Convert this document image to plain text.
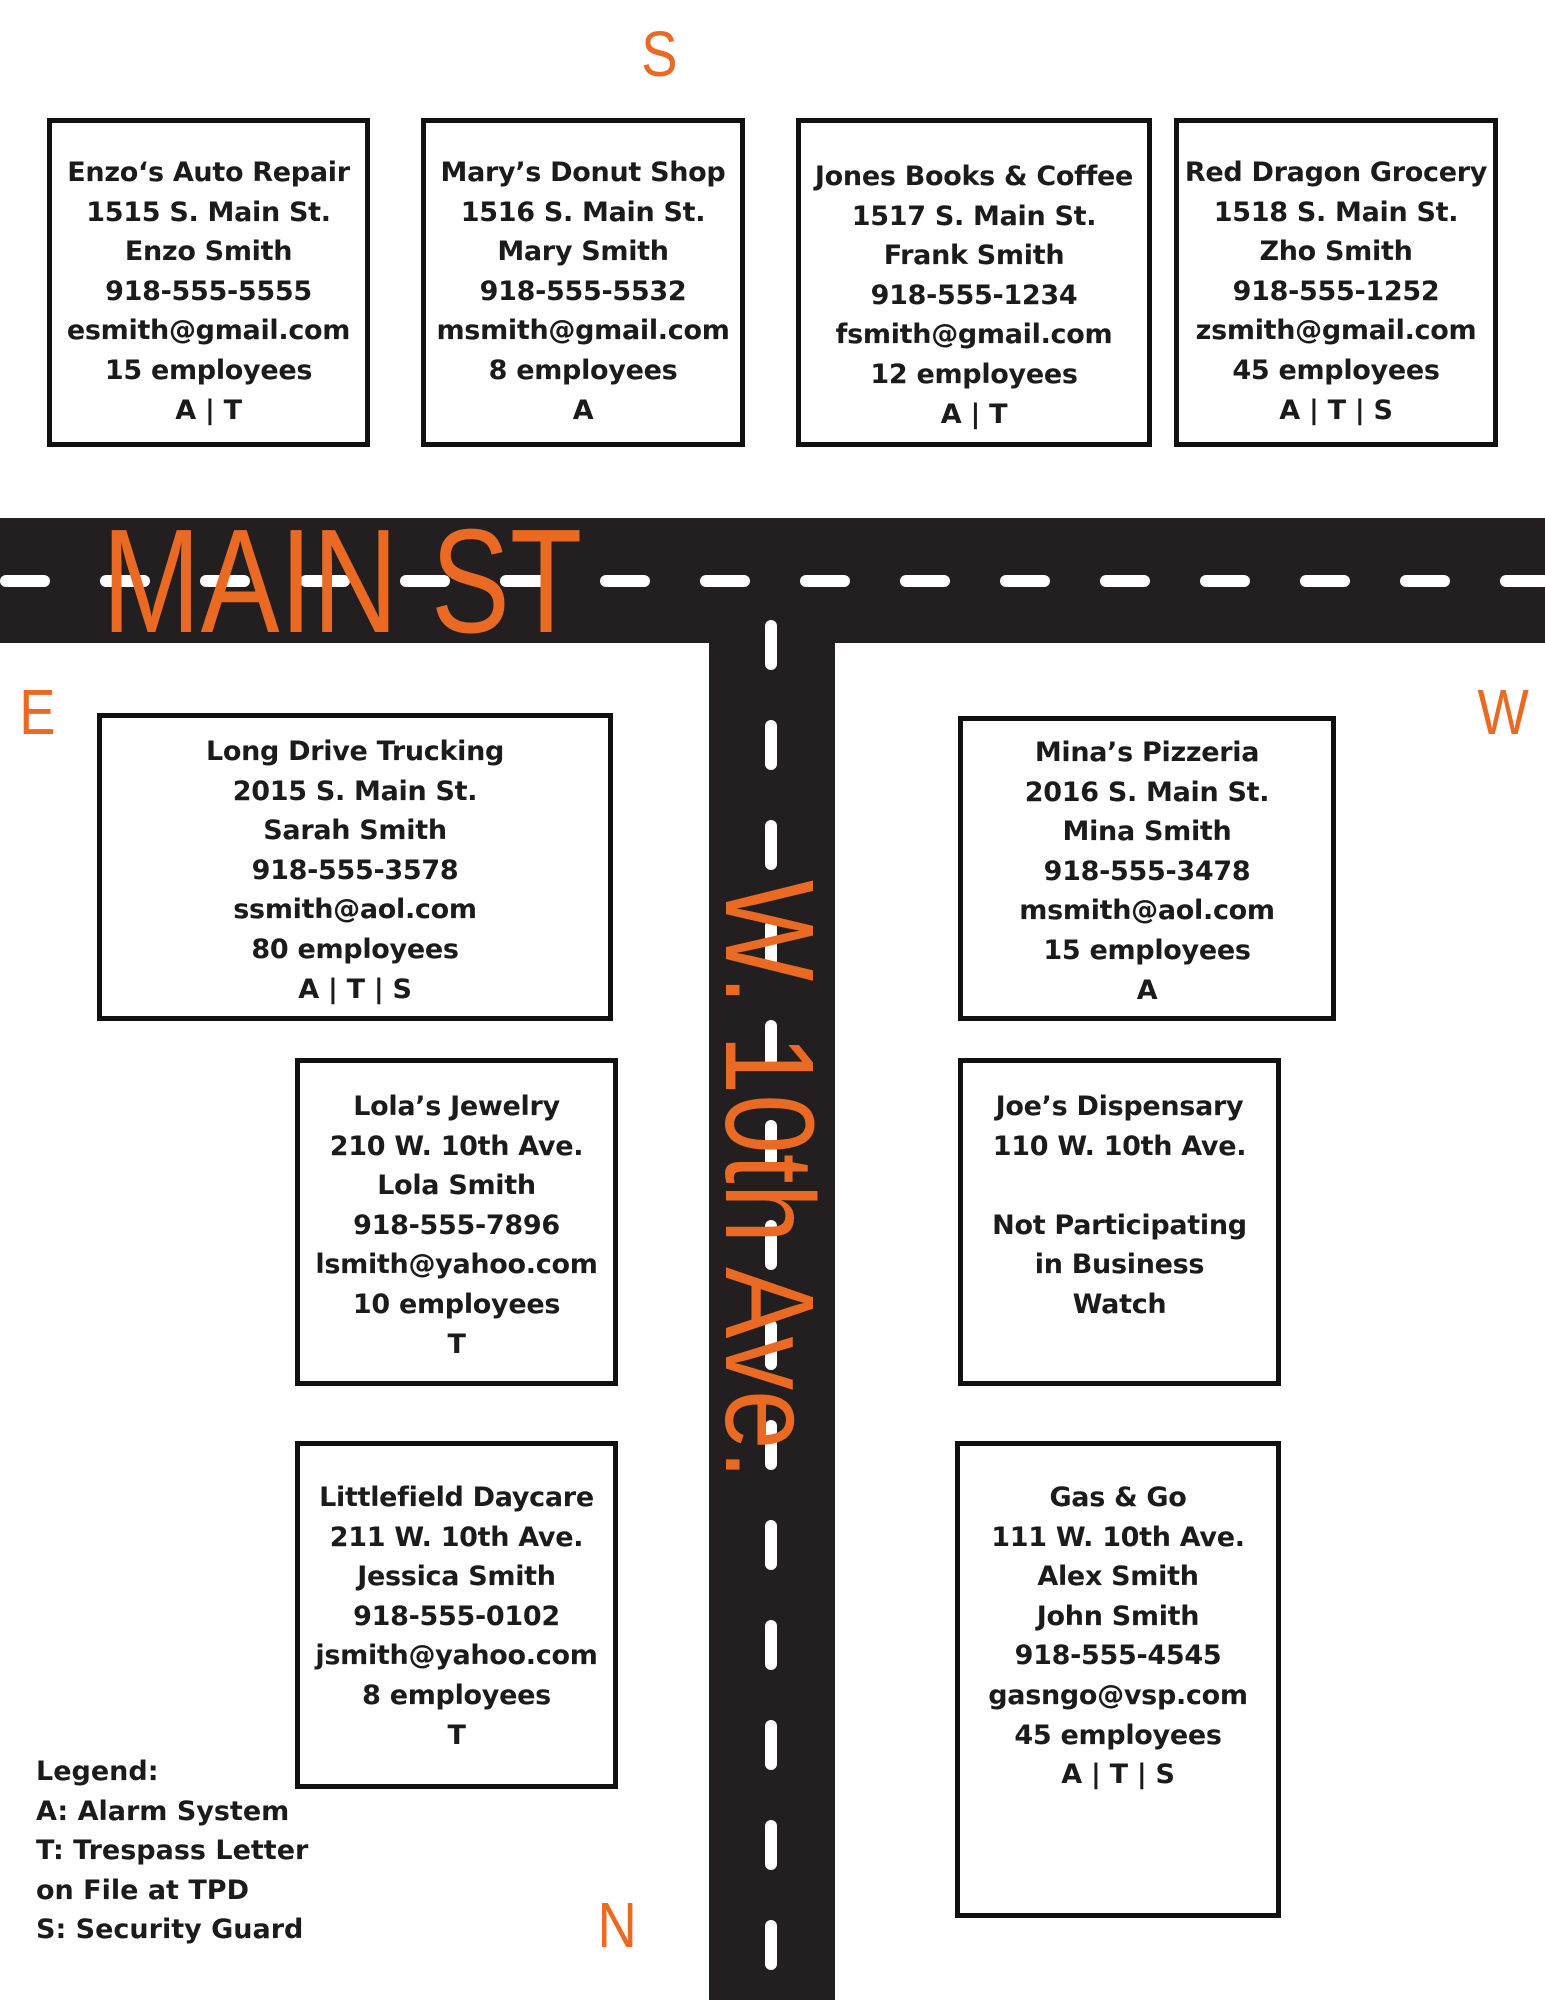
S
E	W
N
MAIN ST
W. 10th Ave.
Enzo‘s Auto Repair
1515 S. Main St.
Enzo Smith
918-555-5555
esmith@gmail.com
15 employees
A | T
Mary’s Donut Shop
1516 S. Main St.
Mary Smith
918-555-5532
msmith@gmail.com
8 employees
A
Jones Books & Coffee
1517 S. Main St.
Frank Smith
918-555-1234
fsmith@gmail.com
12 employees
A | T
Red Dragon Grocery
1518 S. Main St.
Zho Smith
918-555-1252
zsmith@gmail.com
45 employees
A | T | S
Long Drive Trucking
2015 S. Main St.
Sarah Smith
918-555-3578
ssmith@aol.com
80 employees
A | T | S
Mina’s Pizzeria
2016 S. Main St.
Mina Smith
918-555-3478
msmith@aol.com
15 employees
A
Lola’s Jewelry
210 W. 10th Ave.
Lola Smith
918-555-7896
lsmith@yahoo.com
10 employees
T
Joe’s Dispensary
110 W. 10th Ave.
Not Participating
in Business
Watch
Littlefield Daycare
211 W. 10th Ave.
Jessica Smith
918-555-0102
jsmith@yahoo.com
8 employees
T
Gas & Go
111 W. 10th Ave.
Alex Smith
John Smith
918-555-4545
gasngo@vsp.com
45 employees
A | T | S
Legend:
A: Alarm System
T: Trespass Letter
on File at TPD
S: Security Guard
